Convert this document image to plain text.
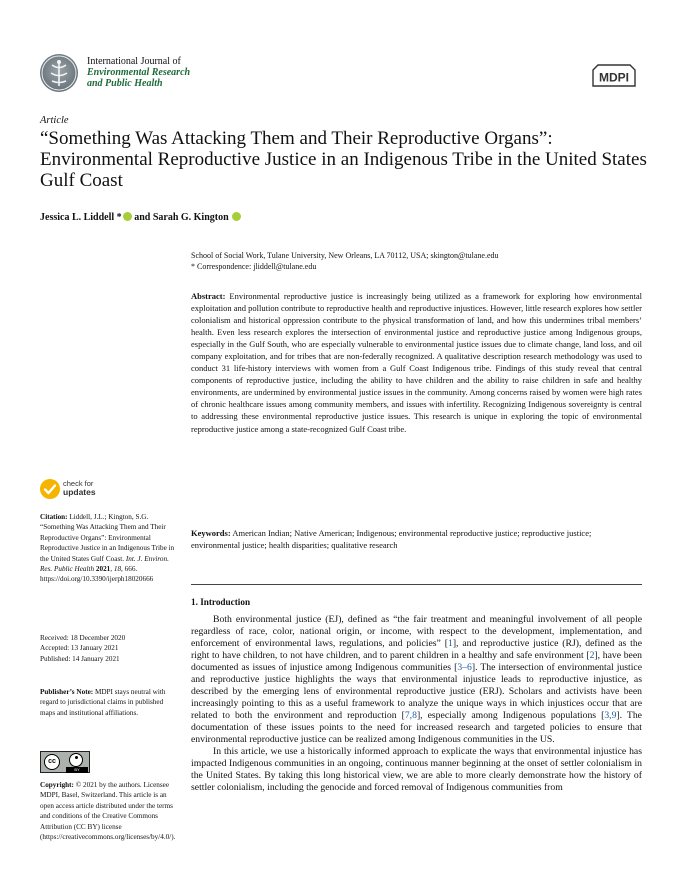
International Journal of
Environmental Research
and Public Health	MDPI
Article
“Something Was Attacking Them and Their Reproductive Organs”: Environmental Reproductive Justice in an Indigenous Tribe in the United States Gulf Coast
Jessica L. Liddell * and Sarah G. Kington
School of Social Work, Tulane University, New Orleans, LA 70112, USA; skington@tulane.edu
* Correspondence: jliddell@tulane.edu

Abstract: Environmental reproductive justice is increasingly being utilized as a framework for exploring how environmental exploitation and pollution contribute to reproductive health and reproductive injustices. However, little research explores how settler colonialism and historical oppression contribute to the physical transformation of land, and how this undermines tribal members’ health. Even less research explores the intersection of environmental justice and reproductive justice among Indigenous groups, especially in the Gulf South, who are especially vulnerable to environmental justice issues due to climate change, land loss, and oil company exploitation, and for tribes that are non-federally recognized. A qualitative description research methodology was used to conduct 31 life-history interviews with women from a Gulf Coast Indigenous tribe. Findings of this study reveal that central components of reproductive justice, including the ability to have children and the ability to raise children in safe and healthy environments, are undermined by environmental justice issues in the community. Among concerns raised by women were high rates of chronic healthcare issues among community members, and issues with infertility. Recognizing Indigenous sovereignty is central to addressing these environmental reproductive justice issues. This research is unique in exploring the topic of environmental reproductive justice among a state-recognized Gulf Coast tribe.

Keywords: American Indian; Native American; Indigenous; environmental reproductive justice; reproductive justice; environmental justice; health disparities; qualitative research

1. Introduction

Both environmental justice (EJ), defined as “the fair treatment and meaningful involvement of all people regardless of race, color, national origin, or income, with respect to the development, implementation, and enforcement of environmental laws, regulations, and policies” [1], and reproductive justice (RJ), defined as the right to have children, to not have children, and to parent children in a healthy and safe environment [2], have been documented as issues of injustice among Indigenous communities [3–6]. The intersection of environmental justice and reproductive justice highlights the ways that environmental injustice leads to reproductive injustice, as described by the emerging lens of environmental reproductive justice (ERJ). Scholars and activists have been increasingly pointing to this as a useful framework to analyze the unique ways in which injustices occur that are related to both the environment and reproduction [7,8], especially among Indigenous populations [3,9]. The documentation of these issues points to the need for increased research and targeted policies to ensure that environmental reproductive justice can be realized among Indigenous communities in the US.

In this article, we use a historically informed approach to explicate the ways that environmental injustice has impacted Indigenous communities in an ongoing, continuous manner beginning at the onset of settler colonialism in the United States. By taking this long historical view, we are able to more clearly demonstrate how the history of settler colonialism, including the genocide and forced removal of Indigenous communities from

check for
updates

Citation: Liddell, J.L.; Kington, S.G. “Something Was Attacking Them and Their Reproductive Organs”: Environmental Reproductive Justice in an Indigenous Tribe in the United States Gulf Coast. Int. J. Environ. Res. Public Health 2021, 18, 666. https://doi.org/10.3390/ijerph18020666

Received: 18 December 2020
Accepted: 13 January 2021
Published: 14 January 2021

Publisher’s Note: MDPI stays neutral with regard to jurisdictional claims in published maps and institutional affiliations.

cc
BY

Copyright: © 2021 by the authors. Licensee MDPI, Basel, Switzerland. This article is an open access article distributed under the terms and conditions of the Creative Commons Attribution (CC BY) license (https://creativecommons.org/licenses/by/4.0/).
